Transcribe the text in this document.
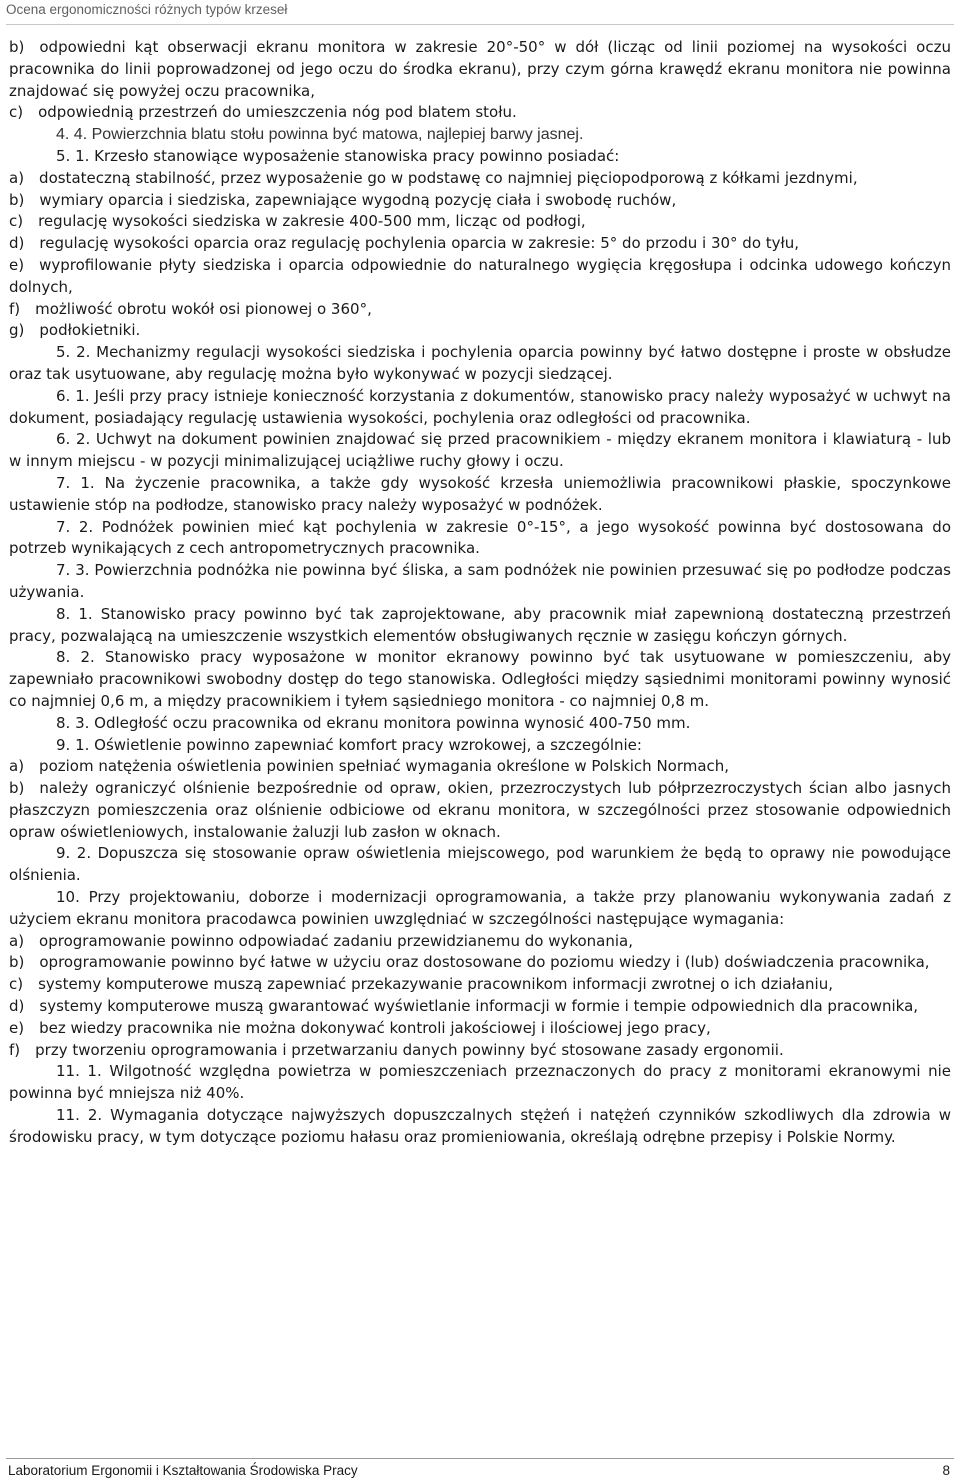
Ocena ergonomiczności różnych typów krzeseł

b) odpowiedni kąt obserwacji ekranu monitora w zakresie 20°-50° w dół (licząc od linii poziomej na wysokości oczu pracownika do linii poprowadzonej od jego oczu do środka ekranu), przy czym górna krawędź ekranu monitora nie powinna znajdować się powyżej oczu pracownika,

c) odpowiednią przestrzeń do umieszczenia nóg pod blatem stołu.

4. 4. Powierzchnia blatu stołu powinna być matowa, najlepiej barwy jasnej.

5. 1. Krzesło stanowiące wyposażenie stanowiska pracy powinno posiadać:

a) dostateczną stabilność, przez wyposażenie go w podstawę co najmniej pięciopodporową z kółkami jezdnymi,

b) wymiary oparcia i siedziska, zapewniające wygodną pozycję ciała i swobodę ruchów,

c) regulację wysokości siedziska w zakresie 400-500 mm, licząc od podłogi,

d) regulację wysokości oparcia oraz regulację pochylenia oparcia w zakresie: 5° do przodu i 30° do tyłu,

e) wyprofilowanie płyty siedziska i oparcia odpowiednie do naturalnego wygięcia kręgosłupa i odcinka udowego kończyn dolnych,

f) możliwość obrotu wokół osi pionowej o 360°,

g) podłokietniki.

5. 2. Mechanizmy regulacji wysokości siedziska i pochylenia oparcia powinny być łatwo dostępne i proste w obsłudze oraz tak usytuowane, aby regulację można było wykonywać w pozycji siedzącej.

6. 1. Jeśli przy pracy istnieje konieczność korzystania z dokumentów, stanowisko pracy należy wyposażyć w uchwyt na dokument, posiadający regulację ustawienia wysokości, pochylenia oraz odległości od pracownika.

6. 2. Uchwyt na dokument powinien znajdować się przed pracownikiem - między ekranem monitora i klawiaturą - lub w innym miejscu - w pozycji minimalizującej uciążliwe ruchy głowy i oczu.

7. 1. Na życzenie pracownika, a także gdy wysokość krzesła uniemożliwia pracownikowi płaskie, spoczynkowe ustawienie stóp na podłodze, stanowisko pracy należy wyposażyć w podnóżek.

7. 2. Podnóżek powinien mieć kąt pochylenia w zakresie 0°-15°, a jego wysokość powinna być dostosowana do potrzeb wynikających z cech antropometrycznych pracownika.

7. 3. Powierzchnia podnóżka nie powinna być śliska, a sam podnóżek nie powinien przesuwać się po podłodze podczas używania.

8. 1. Stanowisko pracy powinno być tak zaprojektowane, aby pracownik miał zapewnioną dostateczną przestrzeń pracy, pozwalającą na umieszczenie wszystkich elementów obsługiwanych ręcznie w zasięgu kończyn górnych.

8. 2. Stanowisko pracy wyposażone w monitor ekranowy powinno być tak usytuowane w pomieszczeniu, aby zapewniało pracownikowi swobodny dostęp do tego stanowiska. Odległości między sąsiednimi monitorami powinny wynosić co najmniej 0,6 m, a między pracownikiem i tyłem sąsiedniego monitora - co najmniej 0,8 m.

8. 3. Odległość oczu pracownika od ekranu monitora powinna wynosić 400-750 mm.

9. 1. Oświetlenie powinno zapewniać komfort pracy wzrokowej, a szczególnie:

a) poziom natężenia oświetlenia powinien spełniać wymagania określone w Polskich Normach,

b) należy ograniczyć olśnienie bezpośrednie od opraw, okien, przezroczystych lub półprzezroczystych ścian albo jasnych płaszczyzn pomieszczenia oraz olśnienie odbiciowe od ekranu monitora, w szczególności przez stosowanie odpowiednich opraw oświetleniowych, instalowanie żaluzji lub zasłon w oknach.

9. 2. Dopuszcza się stosowanie opraw oświetlenia miejscowego, pod warunkiem że będą to oprawy nie powodujące olśnienia.

10. Przy projektowaniu, doborze i modernizacji oprogramowania, a także przy planowaniu wykonywania zadań z użyciem ekranu monitora pracodawca powinien uwzględniać w szczególności następujące wymagania:

a) oprogramowanie powinno odpowiadać zadaniu przewidzianemu do wykonania,

b) oprogramowanie powinno być łatwe w użyciu oraz dostosowane do poziomu wiedzy i (lub) doświadczenia pracownika,

c) systemy komputerowe muszą zapewniać przekazywanie pracownikom informacji zwrotnej o ich działaniu,

d) systemy komputerowe muszą gwarantować wyświetlanie informacji w formie i tempie odpowiednich dla pracownika,

e) bez wiedzy pracownika nie można dokonywać kontroli jakościowej i ilościowej jego pracy,

f) przy tworzeniu oprogramowania i przetwarzaniu danych powinny być stosowane zasady ergonomii.

11. 1. Wilgotność względna powietrza w pomieszczeniach przeznaczonych do pracy z monitorami ekranowymi nie powinna być mniejsza niż 40%.

11. 2. Wymagania dotyczące najwyższych dopuszczalnych stężeń i natężeń czynników szkodliwych dla zdrowia w środowisku pracy, w tym dotyczące poziomu hałasu oraz promieniowania, określają odrębne przepisy i Polskie Normy.

Laboratorium Ergonomii i Kształtowania Środowiska Pracy	8
